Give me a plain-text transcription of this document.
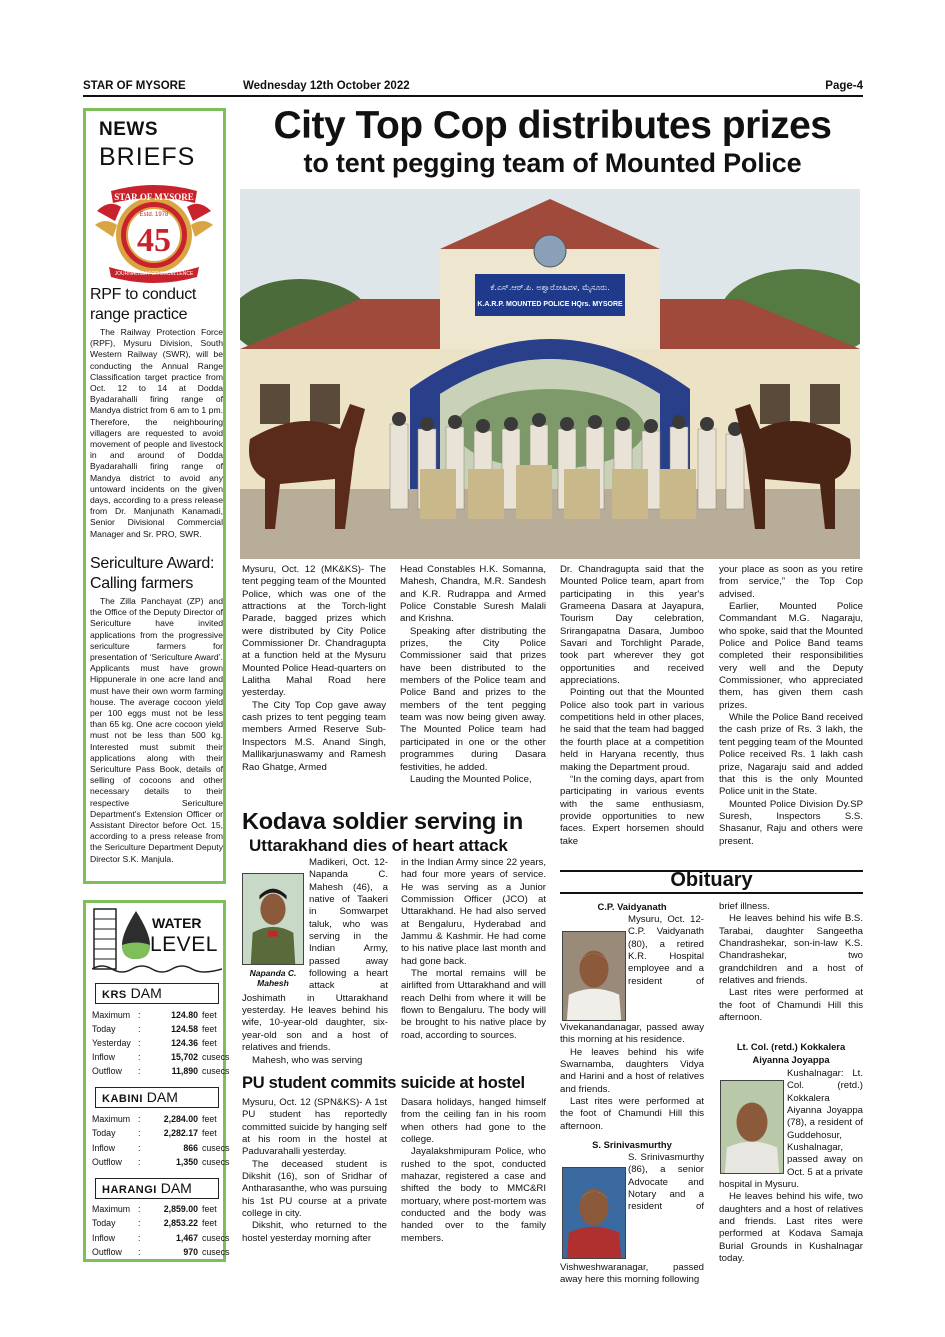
STAR OF MYSORE	Wednesday 12th October 2022	Page-4
NEWS
BRIEFS
STAR OF MYSORE
Estd. 1978
45
JOURNALISM FOR EXCELLENCE
RPF to conduct
range practice
The Railway Protection Force (RPF), Mysuru Division, South Western Railway (SWR), will be conducting the Annual Range Classification target practice from Oct. 12 to 14 at Dodda Byadarahalli firing range of Mandya district from 6 am to 1 pm. Therefore, the neighbouring villagers are requested to avoid movement of people and livestock in and around of Dodda Byadarahalli firing range of Mandya district to avoid any untoward incidents on the given days, according to a press release from Dr. Manjunath Kanamadi, Senior Divisional Commercial Manager and Sr. PRO, SWR.
Sericulture Award:
Calling farmers
The Zilla Panchayat (ZP) and the Office of the Deputy Director of Sericulture have invited applications from the progressive sericulture farmers for presentation of ‘Sericulture Award’. Applicants must have grown Hippunerale in one acre land and must have their own worm farming house. The average cocoon yield per 100 eggs must not be less than 65 kg. One acre cocoon yield must not be less than 500 kg. Interested must submit their applications along with their Sericulture Pass Book, details of selling of cocoons and other necessary details to their respective Sericulture Department's Extension Officer or Assistant Director before Oct. 15, according to a press release from the Sericulture Department Deputy Director S.K. Manjula.
WATER
LEVEL
KRS DAM
Maximum :	124.80 feet
Today	:	124.58 feet
Yesterday :	124.36 feet
Inflow	:	15,702 cusecs
Outflow :	11,890 cusecs
KABINI DAM
Maximum :	2,284.00 feet
Today	:	2,282.17 feet
Inflow	:	866 cusecs
Outflow :	1,350 cusecs
HARANGI DAM
Maximum :	2,859.00 feet
Today	:	2,853.22 feet
Inflow	:	1,467 cusecs
Outflow :	970 cusecs
City Top Cop distributes prizes
to tent pegging team of Mounted Police
ಕೆ.ಎಸ್.ಆರ್.ಪಿ. ಅಶ್ವಾರೋಹಿದಳ, ಮೈಸೂರು.
K.A.R.P. MOUNTED POLICE HQrs. MYSORE

Mysuru, Oct. 12 (MK&KS)- The tent pegging team of the Mounted Police, which was one of the attractions at the Torch-light Parade, bagged prizes which were distributed by City Police Commissioner Dr. Chandragupta at a function held at the Mysuru Mounted Police Head-quarters on Lalitha Mahal Road here yesterday.

The City Top Cop gave away cash prizes to tent pegging team members Armed Reserve Sub-Inspectors M.S. Anand Singh, Mallikarjunaswamy and Ramesh Rao Ghatge, Armed

Head Constables H.K. Somanna, Mahesh, Chandra, M.R. Sandesh and K.R. Rudrappa and Armed Police Constable Suresh Malali and Krishna.

Speaking after distributing the prizes, the City Police Commissioner said that prizes have been distributed to the members of the Police team and Police Band and prizes to the members of the tent pegging team was now being given away. The Mounted Police team had participated in one or the other programmes during Dasara festivities, he added.

Lauding the Mounted Police,

Dr. Chandragupta said that the Mounted Police team, apart from participating in this year's Grameena Dasara at Jayapura, Tourism Day celebration, Srirangapatna Dasara, Jumboo Savari and Torchlight Parade, took part wherever they got opportunities and received appreciations.

Pointing out that the Mounted Police also took part in various competitions held in other places, he said that the team had bagged the fourth place at a competition held in Haryana recently, thus making the Department proud.

“In the coming days, apart from participating in various events with the same enthusiasm, provide opportunities to new faces. Expert horsemen should take

your place as soon as you retire from service,” the Top Cop advised.

Earlier, Mounted Police Commandant M.G. Nagaraju, who spoke, said that the Mounted Police and Police Band teams completed their responsibilities very well and the Deputy Commissioner, who appreciated them, has given them cash prizes.

While the Police Band received the cash prize of Rs. 3 lakh, the tent pegging team of the Mounted Police received Rs. 1 lakh cash prize, Nagaraju said and added that this is the only Mounted Police unit in the State.

Mounted Police Division Dy.SP Suresh, Inspectors S.S. Shasanur, Raju and others were present.

Kodava soldier serving in
Uttarakhand dies of heart attack
Napanda C.
Mahesh

Madikeri, Oct. 12- Napanda C. Mahesh (46), a native of Taakeri in Somwarpet taluk, who was serving in the Indian Army, passed away following a heart attack at Joshimath in Uttarakhand yesterday. He leaves behind his wife, 10-year-old daughter, six-year-old son and a host of relatives and friends.

Mahesh, who was serving

in the Indian Army since 22 years, had four more years of service. He was serving as a Junior Commission Officer (JCO) at Uttarakhand. He had also served at Bengaluru, Hyderabad and Jammu & Kashmir. He had come to his native place last month and had gone back.

The mortal remains will be airlifted from Uttarakhand and will reach Delhi from where it will be flown to Bengaluru. The body will be brought to his native place by road, according to sources.

PU student commits suicide at hostel

Mysuru, Oct. 12 (SPN&KS)- A 1st PU student has reportedly committed suicide by hanging self at his room in the hostel at Paduvarahalli yesterday.

The deceased student is Dikshit (16), son of Sridhar of Antharasanthe, who was pursuing his 1st PU course at a private college in city.

Dikshit, who returned to the hostel yesterday morning after

Dasara holidays, hanged himself from the ceiling fan in his room when others had gone to the college.

Jayalakshmipuram Police, who rushed to the spot, conducted mahazar, registered a case and shifted the body to MMC&RI mortuary, where post-mortem was conducted and the body was handed over to the family members.

Obituary
C.P. Vaidyanath

Mysuru, Oct. 12- C.P. Vaidyanath (80), a retired K.R. Hospital employee and a resident of Vivekanandanagar, passed away this morning at his residence.

He leaves behind his wife Swarnamba, daughters Vidya and Harini and a host of relatives and friends.

Last rites were performed at the foot of Chamundi Hill this afternoon.

S. Srinivasmurthy

S. Srinivasmurthy (86), a senior Advocate and Notary and a resident of Vishweshwaranagar, passed away here this morning following

brief illness.

He leaves behind his wife B.S. Tarabai, daughter Sangeetha Chandrashekar, son-in-law K.S. Chandrashekar, two grandchildren and a host of relatives and friends.

Last rites were performed at the foot of Chamundi Hill this afternoon.

Lt. Col. (retd.) Kokkalera
Aiyanna Joyappa

Kushalnagar: Lt. Col. (retd.) Kokkalera Aiyanna Joyappa (78), a resident of Guddehosur, Kushalnagar, passed away on Oct. 5 at a private hospital in Mysuru.

He leaves behind his wife, two daughters and a host of relatives and friends. Last rites were performed at Kodava Samaja Burial Grounds in Kushalnagar today.
